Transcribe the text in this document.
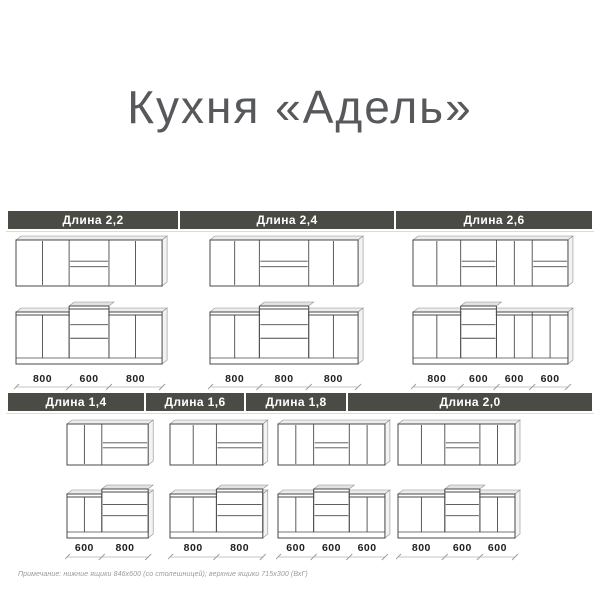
Кухня «Адель»
Длина 2,2	Длина 2,4	Длина 2,6
800	600	800	800	800	800	800 600 600 600
Длина 1,4	Длина 1,6	Длина 1,8	Длина 2,0
600 800	800	800	600 600 600	800 600 600
Примечание: нижние ящики 846х600 (со столешницей); верхние ящики 715х300 (ВхГ)
